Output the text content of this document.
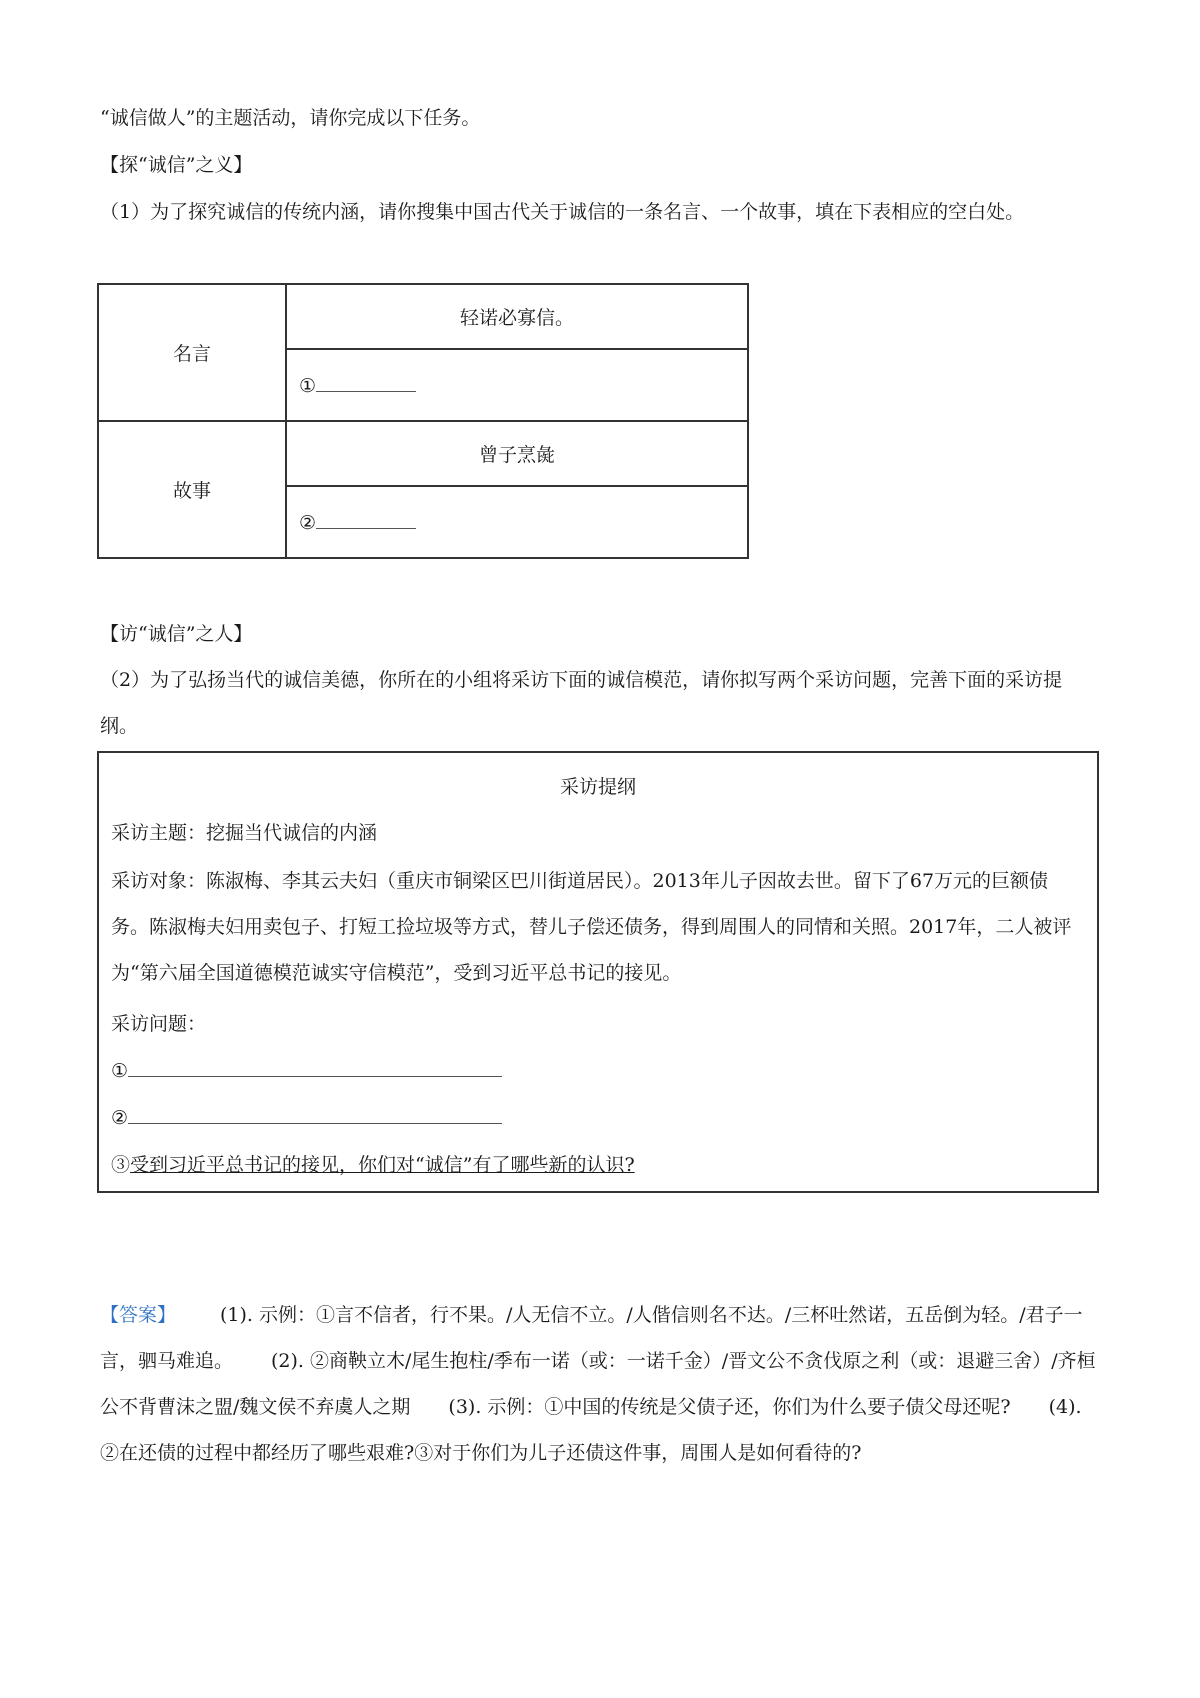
“诚信做人”的主题活动，请你完成以下任务。
【探“诚信”之义】
（1）为了探究诚信的传统内涵，请你搜集中国古代关于诚信的一条名言、一个故事，填在下表相应的空白处。
名言	轻诺必寡信。
	①
故事	曾子烹彘
	②
【访“诚信”之人】
（2）为了弘扬当代的诚信美德，你所在的小组将采访下面的诚信模范，请你拟写两个采访问题，完善下面的采访提纲。
采访提纲
采访主题：挖掘当代诚信的内涵
采访对象：陈淑梅、李其云夫妇（重庆市铜梁区巴川街道居民）。2013年儿子因故去世。留下了67万元的巨额债务。陈淑梅夫妇用卖包子、打短工捡垃圾等方式，替儿子偿还债务，得到周围人的同情和关照。2017年，二人被评为“第六届全国道德模范诚实守信模范”，受到习近平总书记的接见。
采访问题：
①
②
③受到习近平总书记的接见，你们对“诚信”有了哪些新的认识?
【答案】 (1). 示例：①言不信者，行不果。/人无信不立。/人偕信则名不达。/三杯吐然诺，五岳倒为轻。/君子一言，驷马难追。 (2). ②商鞅立木/尾生抱柱/季布一诺（或：一诺千金）/晋文公不贪伐原之利（或：退避三舍）/齐桓公不背曹沫之盟/魏文侯不弃虞人之期 (3). 示例：①中国的传统是父债子还，你们为什么要子债父母还呢? (4). ②在还债的过程中都经历了哪些艰难?③对于你们为儿子还债这件事，周围人是如何看待的?
